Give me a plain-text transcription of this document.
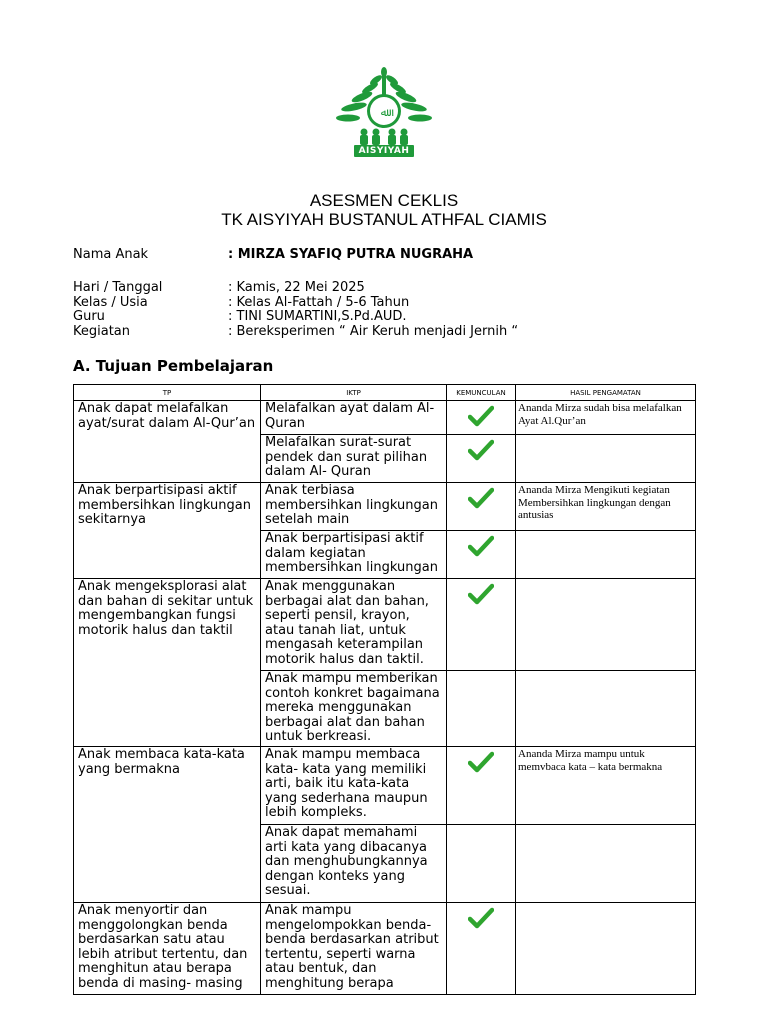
ﷲ
AISYIYAH
ASESMEN CEKLIS
TK AISYIYAH BUSTANUL ATHFAL CIAMIS
Nama Anak	: MIRZA SYAFIQ PUTRA NUGRAHA
Hari / Tanggal	: Kamis, 22 Mei 2025
Kelas / Usia	: Kelas Al-Fattah / 5-6 Tahun
Guru	: TINI SUMARTINI,S.Pd.AUD.
Kegiatan	: Bereksperimen “ Air Keruh menjadi Jernih “
A. Tujuan Pembelajaran
TP	IKTP	KEMUNCULAN	HASIL PENGAMATAN
Anak dapat melafalkan ayat/surat dalam Al-Qur’an	Melafalkan ayat dalam Al-Quran		Ananda Mirza sudah bisa melafalkan Ayat Al.Qur’an
	Melafalkan surat-surat pendek dan surat pilihan dalam Al- Quran		
Anak berpartisipasi aktif membersihkan lingkungan sekitarnya	Anak terbiasa membersihkan lingkungan setelah main		Ananda Mirza Mengikuti kegiatan Membersihkan lingkungan dengan antusias
	Anak berpartisipasi aktif dalam kegiatan membersihkan lingkungan		
Anak mengeksplorasi alat dan bahan di sekitar untuk mengembangkan fungsi motorik halus dan taktil	Anak menggunakan berbagai alat dan bahan, seperti pensil, krayon, atau tanah liat, untuk mengasah keterampilan motorik halus dan taktil.		
	Anak mampu memberikan contoh konkret bagaimana mereka menggunakan berbagai alat dan bahan untuk berkreasi.		
Anak membaca kata-kata yang bermakna	Anak mampu membaca kata- kata yang memiliki arti, baik itu kata-kata yang sederhana maupun lebih kompleks.		Ananda Mirza mampu untuk memvbaca kata – kata bermakna
	Anak dapat memahami arti kata yang dibacanya dan menghubungkannya dengan konteks yang sesuai.		
Anak menyortir dan menggolongkan benda berdasarkan satu atau lebih atribut tertentu, dan menghitun atau berapa benda di masing- masing	Anak mampu mengelompokkan benda-benda berdasarkan atribut tertentu, seperti warna atau bentuk, dan menghitung berapa		
